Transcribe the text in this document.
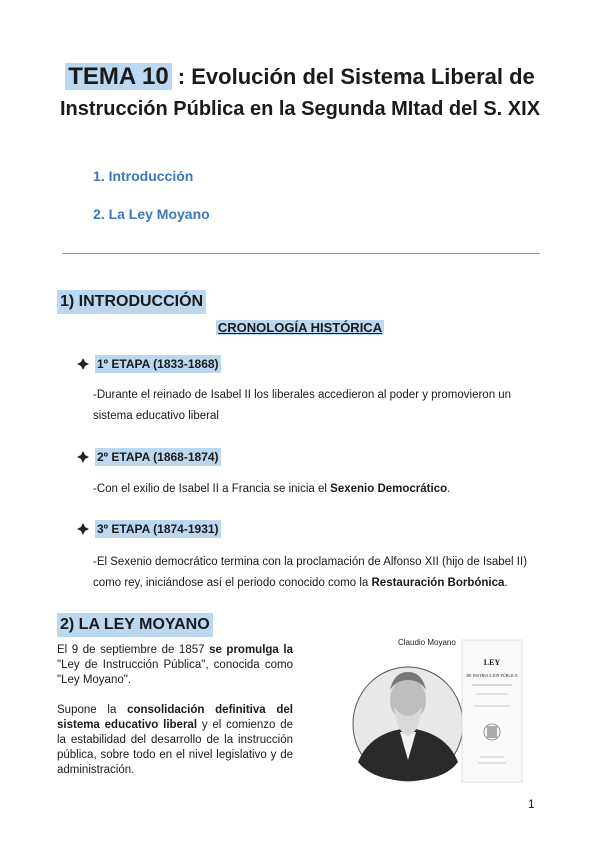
TEMA 10 : Evolución del Sistema Liberal de
Instrucción Pública en la Segunda MItad del S. XIX
1. Introducción
2. La Ley Moyano
1) INTRODUCCIÓN
CRONOLOGÍA HISTÓRICA
1º ETAPA (1833-1868)
-Durante el reinado de Isabel II los liberales accedieron al poder y promovieron un sistema educativo liberal
2º ETAPA (1868-1874)
-Con el exilio de Isabel II a Francia se inicia el Sexenio Democrático.
3º ETAPA (1874-1931)
-El Sexenio democrático termina con la proclamación de Alfonso XII (hijo de Isabel II) como rey, iniciándose así el periodo conocido como la Restauración Borbónica.
2) LA LEY MOYANO
El 9 de septiembre de 1857 se promulga la "Ley de Instrucción Pública", conocida como "Ley Moyano".
Supone la consolidación definitiva del sistema educativo liberal y el comienzo de la estabilidad del desarrollo de la instrucción pública, sobre todo en el nivel legislativo y de administración.
Claudio Moyano
LEY
DE INSTRUCCION PÚBLICA
1
